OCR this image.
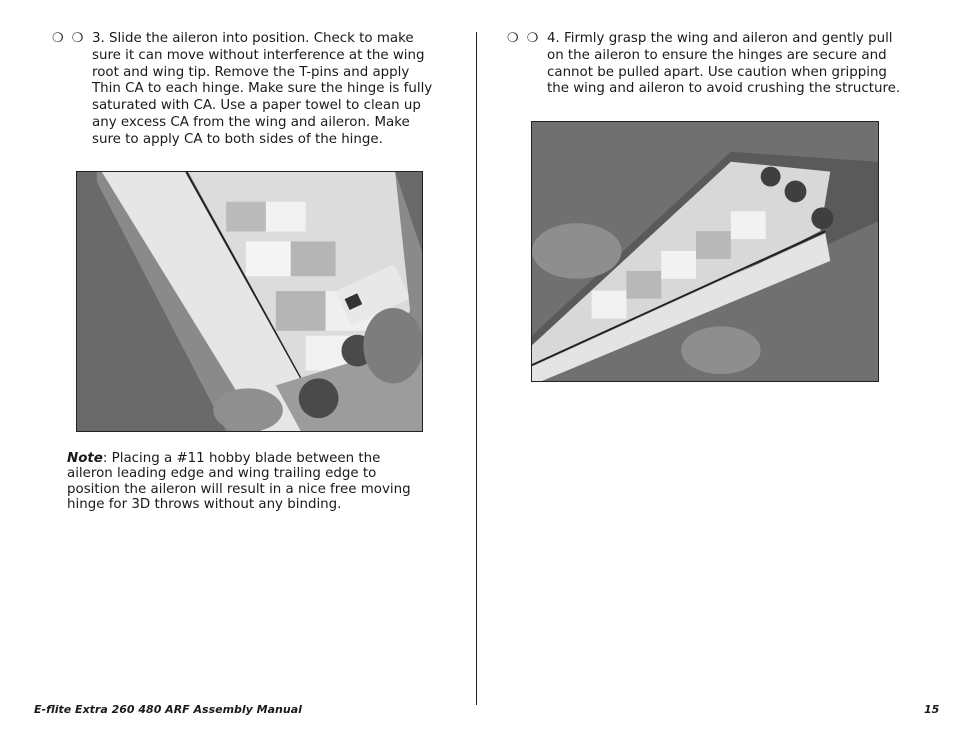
❍ ❍ 3. Slide the aileron into position. Check to make sure it can move without interference at the wing root and wing tip. Remove the T-pins and apply Thin CA to each hinge. Make sure the hinge is fully saturated with CA. Use a paper towel to clean up any excess CA from the wing and aileron. Make sure to apply CA to both sides of the hinge.

Note: Placing a #11 hobby blade between the aileron leading edge and wing trailing edge to position the aileron will result in a nice free moving hinge for 3D throws without any binding.

❍ ❍ 4. Firmly grasp the wing and aileron and gently pull on the aileron to ensure the hinges are secure and cannot be pulled apart. Use caution when gripping the wing and aileron to avoid crushing the structure.

E-flite Extra 260 480 ARF Assembly Manual	15
